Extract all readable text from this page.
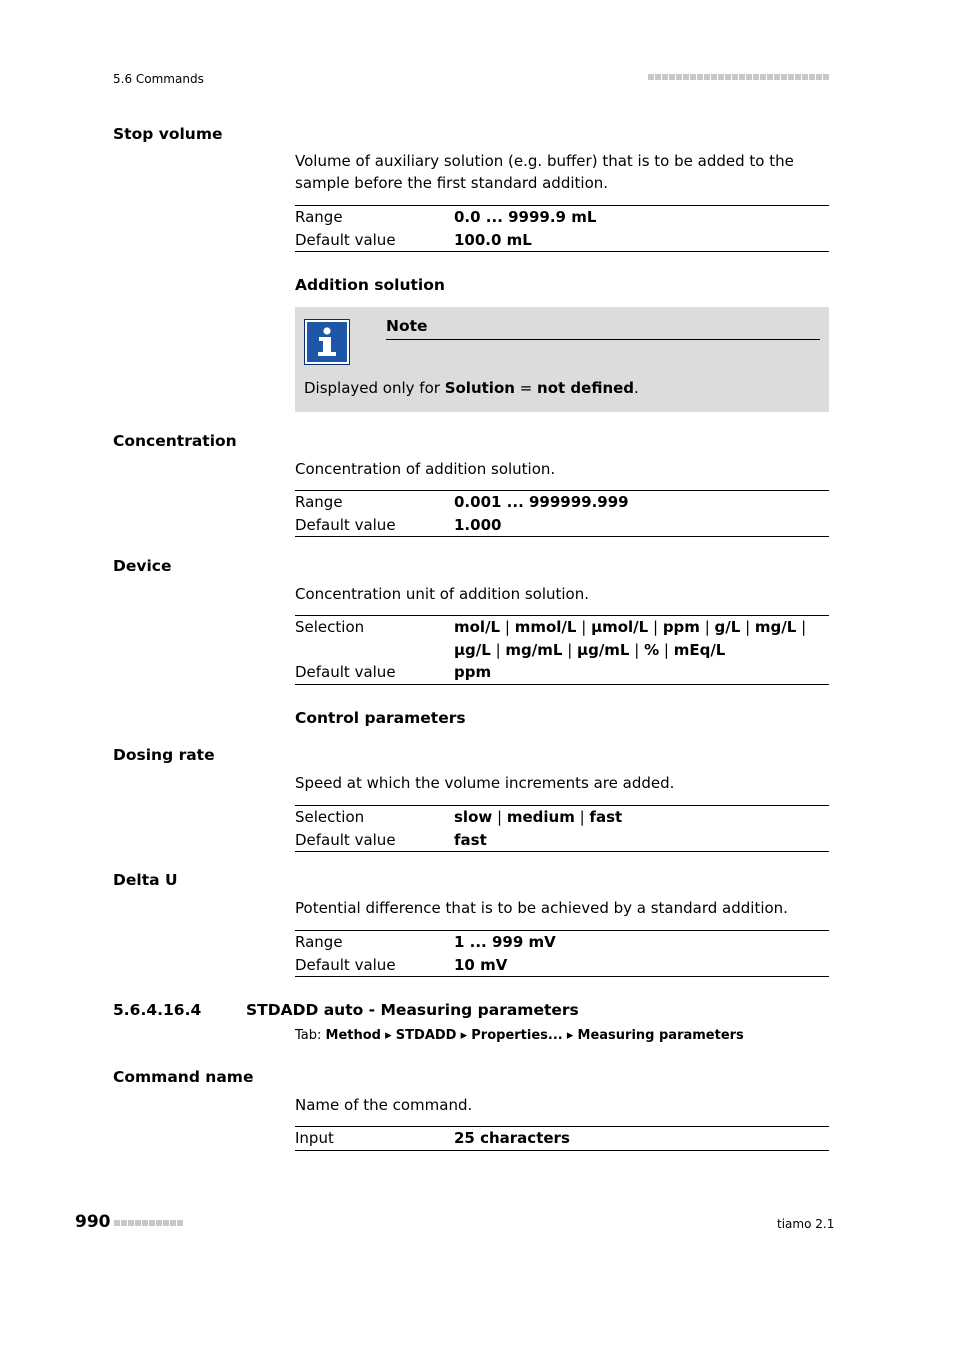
5.6 Commands
Stop volume
Volume of auxiliary solution (e.g. buffer) that is to be added to the sample before the first standard addition.
Range	0.0 ... 9999.9 mL
Default value	100.0 mL
Addition solution
Note
Displayed only for Solution = not defined.
Concentration
Concentration of addition solution.
Range	0.001 ... 999999.999
Default value	1.000
Device
Concentration unit of addition solution.
Selection	mol/L | mmol/L | µmol/L | ppm | g/L | mg/L |
µg/L | mg/mL | µg/mL | % | mEq/L
Default value	ppm
Control parameters
Dosing rate
Speed at which the volume increments are added.
Selection	slow | medium | fast
Default value	fast
Delta U
Potential difference that is to be achieved by a standard addition.
Range	1 ... 999 mV
Default value	10 mV
5.6.4.16.4	STDADD auto - Measuring parameters
Tab: Method ▸ STDADD ▸ Properties... ▸ Measuring parameters
Command name
Name of the command.
Input	25 characters
990	tiamo 2.1
